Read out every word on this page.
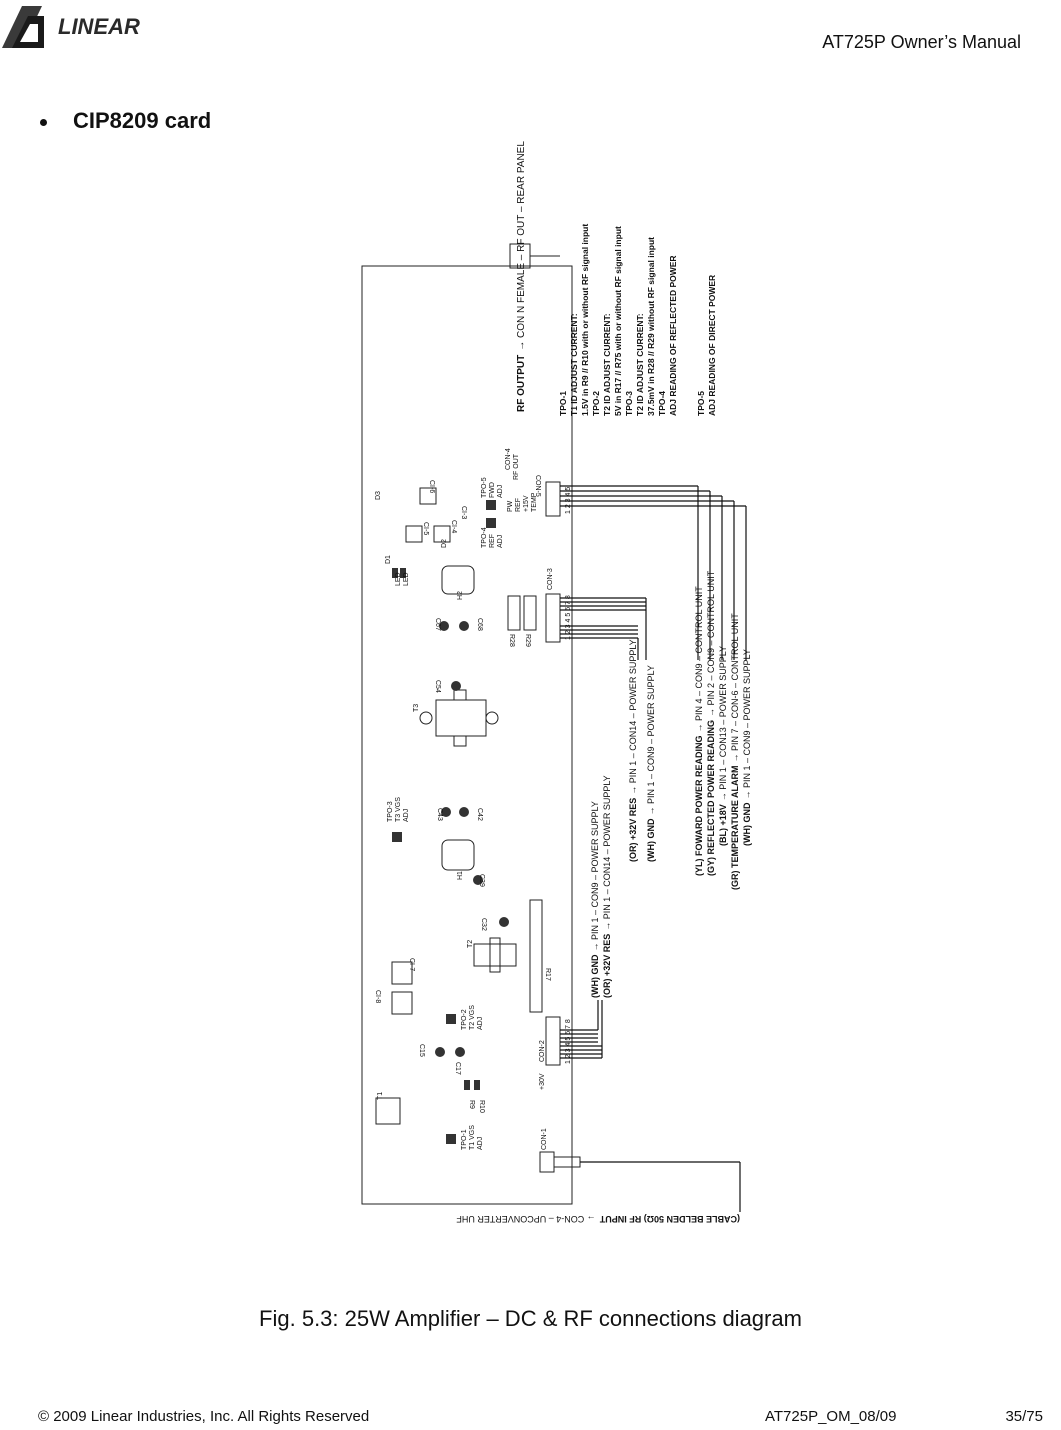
LINEAR
AT725P Owner’s Manual
CIP8209 card
CON-1
CON-2
+30V
1 2 3 4 5 6 7 8
CON-3
1 2 3 4 5 6 7 8
1 2 3 4 5
CON-5
CON-4 RF OUT
PW REF +15V TEMP
T1
T2
T3
H1
H2
TPO-1 T1 VGS ADJ
TPO-2 T2 VGS ADJ
TPO-3 T3 VGS ADJ
TPO-4 REF ADJ
TPO-5 FWD ADJ
R9 R10
R17
R28 R29
C15
C17
C32
C39
C43	C42
C54
C67	C68
CI-3
CI-4
CI-5
CI-6
CI-7
CI-8
LED LED
D1
D2
D3
RF OUTPUT→ CON N FEMALE – RF OUT – REAR PANEL
(CABLE BELDEN 50Ω) RF INPUT→ CON-4 – UPCONVERTER UHF
(WH) GND→ PIN 1 – CON9 – POWER SUPPLY
(OR) +32V RES→ PIN 1 – CON14 – POWER SUPPLY (OR) +32V RES→ PIN 1 – CON14 – POWER SUPPLY
(WH) GND→ PIN 1 – CON9 – POWER SUPPLY	(YL) FOWARD POWER READING→ PIN 4 – CON9 – CONTROL UNIT
(GY) REFLECTED POWER READING→ PIN 2 – CON9 – CONTROL UNIT
(BL) +18V→ PIN 1 – CON13 – POWER SUPPLY
(GR) TEMPERATURE ALARM→ PIN 7 – CON-6 – CONTROL UNIT
(WH) GND→ PIN 1 – CON9 – POWER SUPPLY
TPO-1 T1 ID ADJUST CURRENT: 1.5V in R9 // R10 with or without RF signal input TPO-2 T2 ID ADJUST CURRENT: 5V in R17 // R75 with or without RF signal input TPO-3 T2 ID ADJUST CURRENT: 37.5mV in R28 // R29 without RF signal input TPO-4 ADJ READING OF REFLECTED POWER TPO-5 ADJ READING OF DIRECT POWER
Fig. 5.3: 25W Amplifier – DC & RF connections diagram
© 2009 Linear Industries, Inc. All Rights Reserved	AT725P_OM_08/09	35/75
